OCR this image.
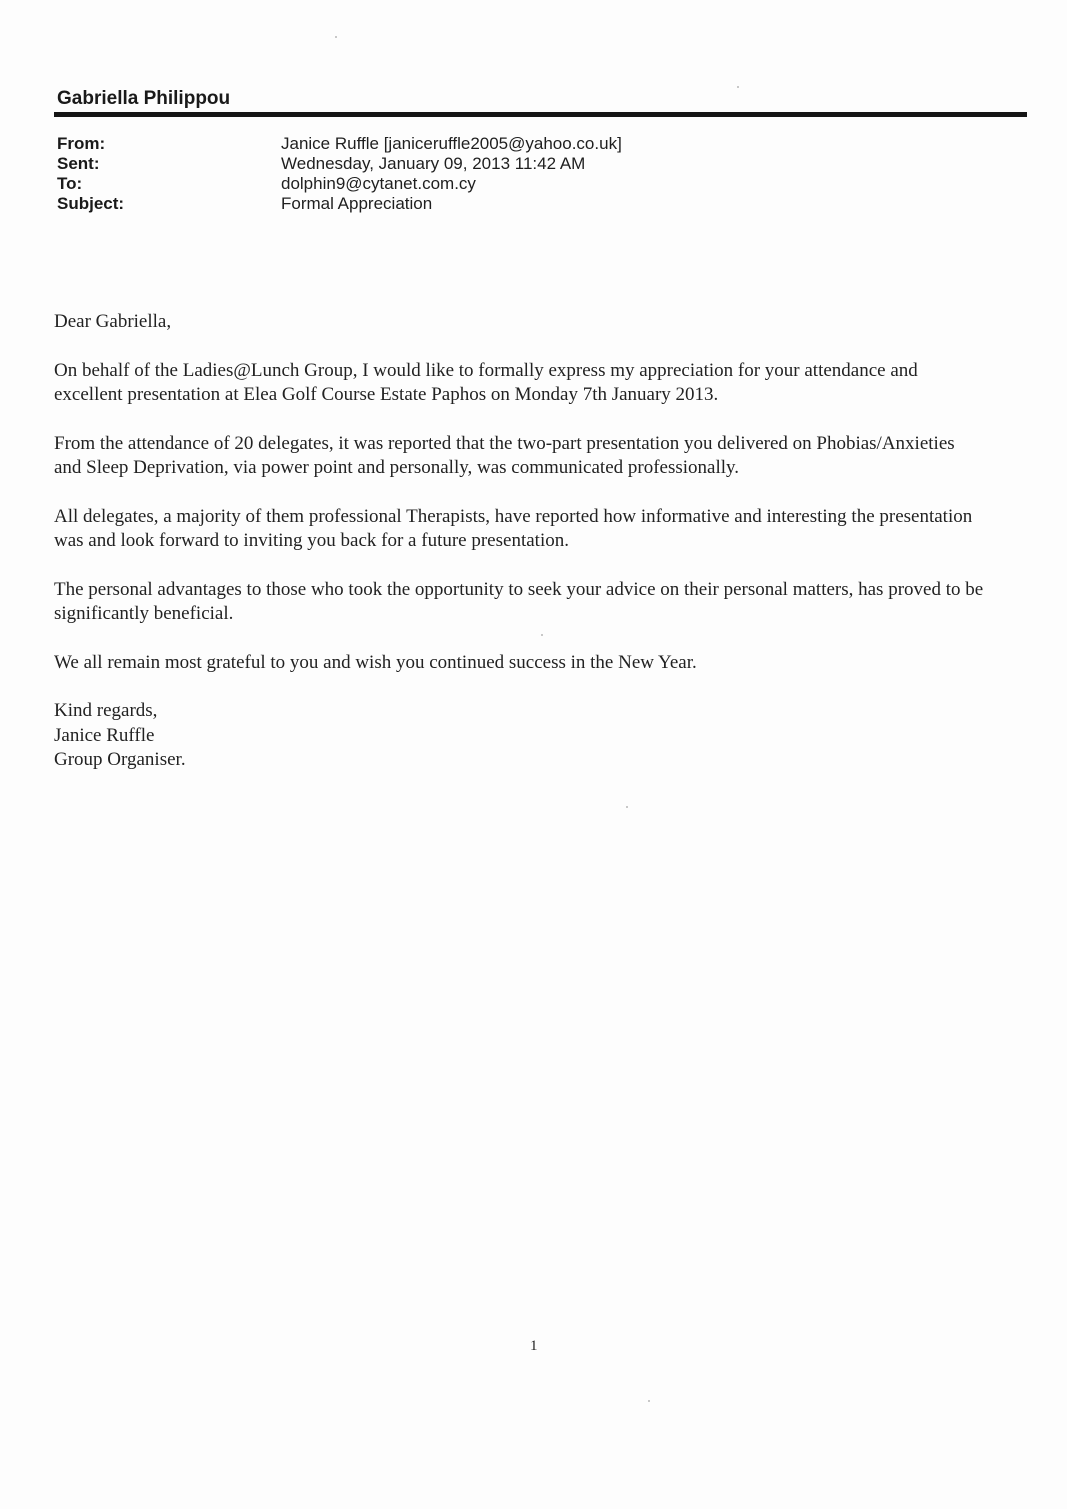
Gabriella Philippou
From:	Janice Ruffle [janiceruffle2005@yahoo.co.uk]
Sent:	Wednesday, January 09, 2013 11:42 AM
To:	dolphin9@cytanet.com.cy
Subject:	Formal Appreciation

Dear Gabriella,

On behalf of the Ladies@Lunch Group, I would like to formally express my appreciation for your attendance and excellent presentation at Elea Golf Course Estate Paphos on Monday 7th January 2013.

From the attendance of 20 delegates, it was reported that the two-part presentation you delivered on Phobias/Anxieties and Sleep Deprivation, via power point and personally, was communicated professionally.

All delegates, a majority of them professional Therapists, have reported how informative and interesting the presentation was and look forward to inviting you back for a future presentation.

The personal advantages to those who took the opportunity to seek your advice on their personal matters, has proved to be significantly beneficial.

We all remain most grateful to you and wish you continued success in the New Year.

Kind regards,
Janice Ruffle
Group Organiser.
1
